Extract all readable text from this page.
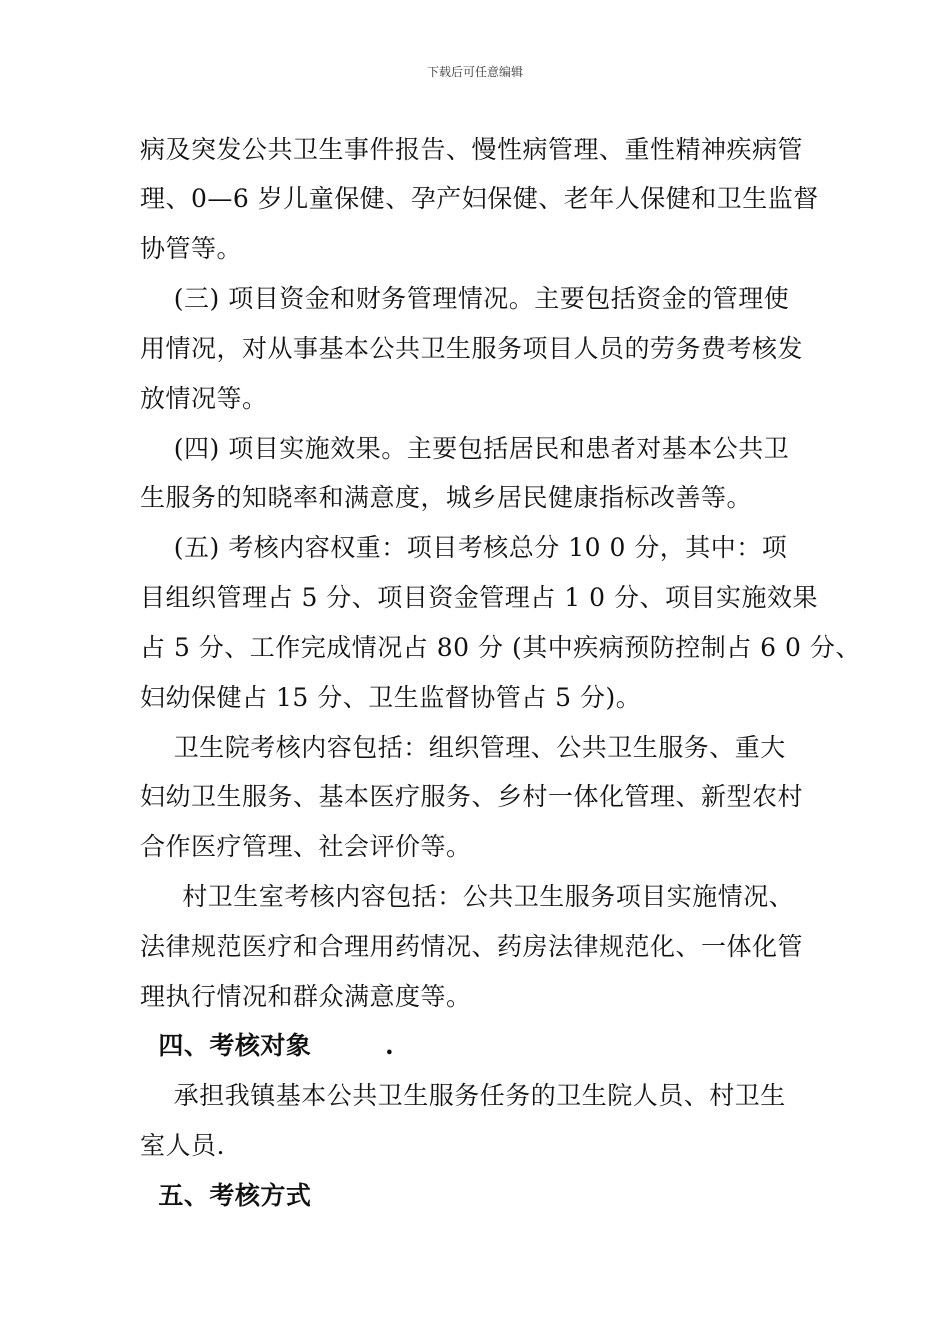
下载后可任意编辑
病及突发公共卫生事件报告、慢性病管理、重性精神疾病管
理、0—6 岁儿童保健、孕产妇保健、老年人保健和卫生监督
协管等。
(三) 项目资金和财务管理情况。主要包括资金的管理使
用情况，对从事基本公共卫生服务项目人员的劳务费考核发
放情况等。
(四) 项目实施效果。主要包括居民和患者对基本公共卫
生服务的知晓率和满意度，城乡居民健康指标改善等。
(五) 考核内容权重：项目考核总分 10 0 分，其中：项
目组织管理占 5 分、项目资金管理占 1 0 分、项目实施效果
占 5 分、工作完成情况占 80 分 (其中疾病预防控制占 6 0 分、
妇幼保健占 15 分、卫生监督协管占 5 分)。
卫生院考核内容包括：组织管理、公共卫生服务、重大
妇幼卫生服务、基本医疗服务、乡村一体化管理、新型农村
合作医疗管理、社会评价等。
村卫生室考核内容包括：公共卫生服务项目实施情况、
法律规范医疗和合理用药情况、药房法律规范化、一体化管
理执行情况和群众满意度等。
四、考核对象        .
承担我镇基本公共卫生服务任务的卫生院人员、村卫生
室人员.
五、考核方式
